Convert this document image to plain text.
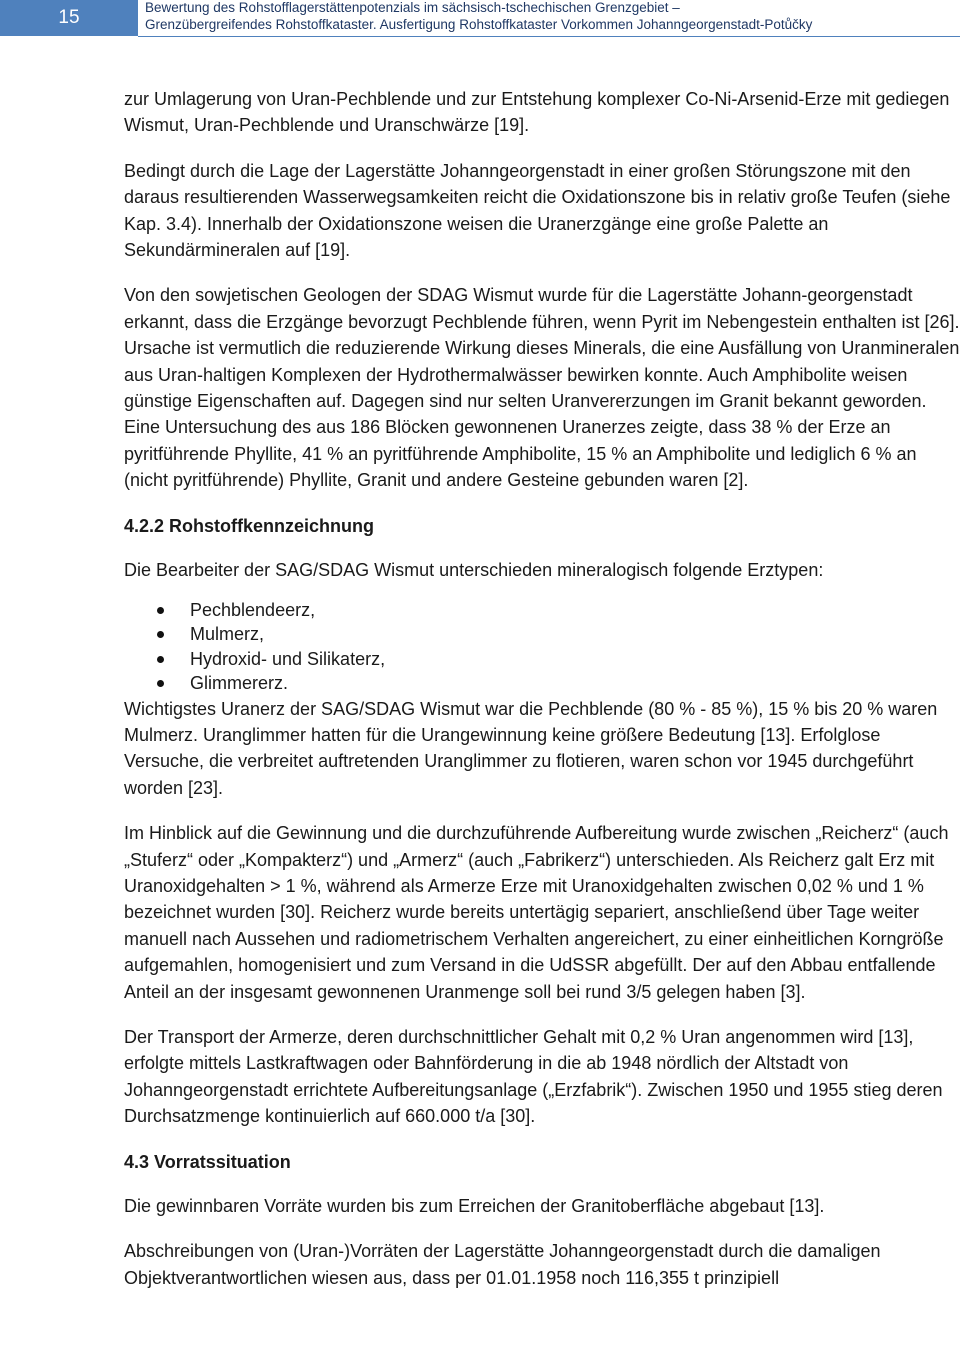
15	Bewertung des Rohstofflagerstättenpotenzials im sächsisch-tschechischen Grenzgebiet –
Grenzübergreifendes Rohstoffkataster. Ausfertigung Rohstoffkataster Vorkommen Johanngeorgenstadt-Potůčky

zur Umlagerung von Uran-Pechblende und zur Entstehung komplexer Co-Ni-Arsenid-Erze mit gediegen Wismut, Uran-Pechblende und Uranschwärze [19].

Bedingt durch die Lage der Lagerstätte Johanngeorgenstadt in einer großen Störungszone mit den daraus resultierenden Wasserwegsamkeiten reicht die Oxidationszone bis in relativ große Teufen (siehe Kap. 3.4). Innerhalb der Oxidationszone weisen die Uranerzgänge eine große Palette an Sekundärmineralen auf [19].

Von den sowjetischen Geologen der SDAG Wismut wurde für die Lagerstätte Johann-georgenstadt erkannt, dass die Erzgänge bevorzugt Pechblende führen, wenn Pyrit im Nebengestein enthalten ist [26]. Ursache ist vermutlich die reduzierende Wirkung dieses Minerals, die eine Ausfällung von Uranmineralen aus Uran-haltigen Komplexen der Hydrothermalwässer bewirken konnte. Auch Amphibolite weisen günstige Eigenschaften auf. Dagegen sind nur selten Uranvererzungen im Granit bekannt geworden. Eine Untersuchung des aus 186 Blöcken gewonnenen Uranerzes zeigte, dass 38 % der Erze an pyritführende Phyllite, 41 % an pyritführende Amphibolite, 15 % an Amphibolite und lediglich 6 % an (nicht pyritführende) Phyllite, Granit und andere Gesteine gebunden waren [2].

4.2.2 Rohstoffkennzeichnung

Die Bearbeiter der SAG/SDAG Wismut unterschieden mineralogisch folgende Erztypen:

Pechblendeerz,
Mulmerz,
Hydroxid- und Silikaterz,
Glimmererz.

Wichtigstes Uranerz der SAG/SDAG Wismut war die Pechblende (80 % - 85 %), 15 % bis 20 % waren Mulmerz. Uranglimmer hatten für die Urangewinnung keine größere Bedeutung [13]. Erfolglose Versuche, die verbreitet auftretenden Uranglimmer zu flotieren, waren schon vor 1945 durchgeführt worden [23].

Im Hinblick auf die Gewinnung und die durchzuführende Aufbereitung wurde zwischen „Reicherz“ (auch „Stuferz“ oder „Kompakterz“) und „Armerz“ (auch „Fabrikerz“) unterschieden. Als Reicherz galt Erz mit Uranoxidgehalten > 1 %, während als Armerze Erze mit Uranoxidgehalten zwischen 0,02 % und 1 % bezeichnet wurden [30]. Reicherz wurde bereits untertägig separiert, anschließend über Tage weiter manuell nach Aussehen und radiometrischem Verhalten angereichert, zu einer einheitlichen Korngröße aufgemahlen, homogenisiert und zum Versand in die UdSSR abgefüllt. Der auf den Abbau entfallende Anteil an der insgesamt gewonnenen Uranmenge soll bei rund 3/5 gelegen haben [3].

Der Transport der Armerze, deren durchschnittlicher Gehalt mit 0,2 % Uran angenommen wird [13], erfolgte mittels Lastkraftwagen oder Bahnförderung in die ab 1948 nördlich der Altstadt von Johanngeorgenstadt errichtete Aufbereitungsanlage („Erzfabrik“). Zwischen 1950 und 1955 stieg deren Durchsatzmenge kontinuierlich auf 660.000 t/a [30].

4.3 Vorratssituation

Die gewinnbaren Vorräte wurden bis zum Erreichen der Granitoberfläche abgebaut [13].

Abschreibungen von (Uran-)Vorräten der Lagerstätte Johanngeorgenstadt durch die damaligen Objektverantwortlichen wiesen aus, dass per 01.01.1958 noch 116,355 t prinzipiell
